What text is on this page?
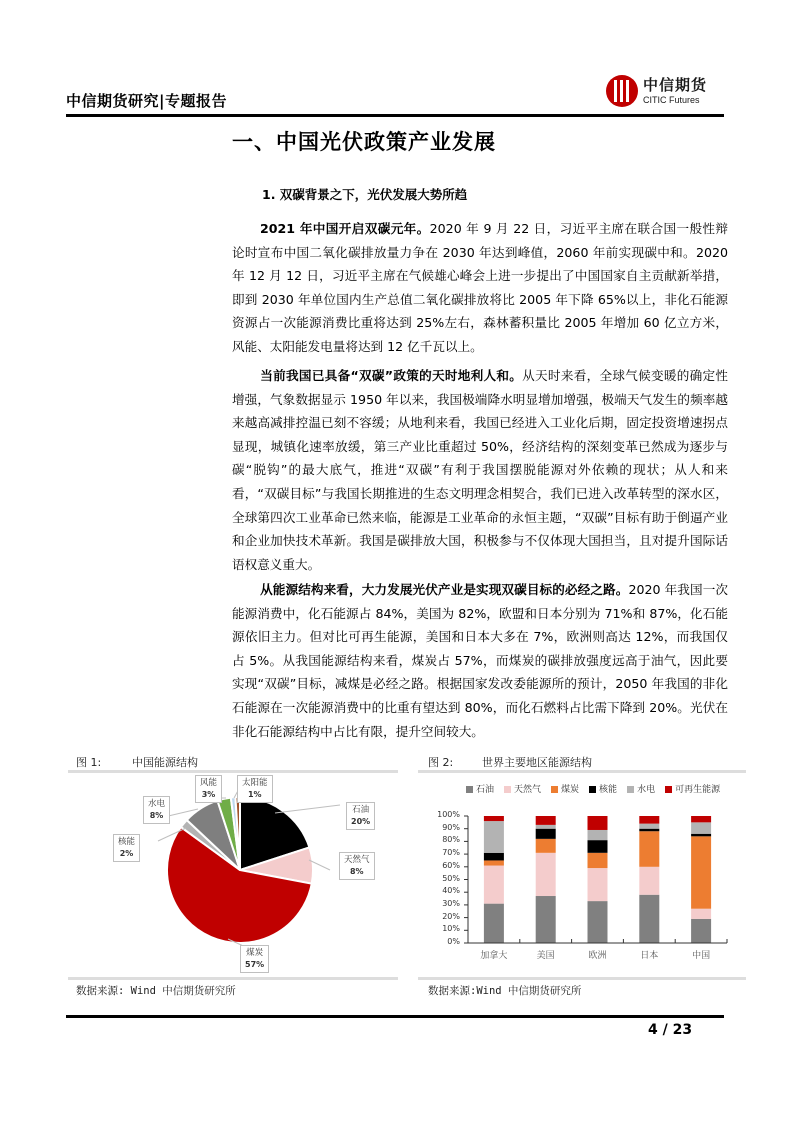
中信期货研究|专题报告
中信期货
CITIC Futures
一、中国光伏政策产业发展
1. 双碳背景之下，光伏发展大势所趋
2021 年中国开启双碳元年。2020 年 9 月 22 日，习近平主席在联合国一般性辩论时宣布中国二氧化碳排放量力争在 2030 年达到峰值，2060 年前实现碳中和。2020 年 12 月 12 日，习近平主席在气候雄心峰会上进一步提出了中国国家自主贡献新举措，即到 2030 年单位国内生产总值二氧化碳排放将比 2005 年下降 65%以上，非化石能源资源占一次能源消费比重将达到 25%左右，森林蓄积量比 2005 年增加 60 亿立方米，风能、太阳能发电量将达到 12 亿千瓦以上。
当前我国已具备“双碳”政策的天时地利人和。从天时来看，全球气候变暖的确定性增强，气象数据显示 1950 年以来，我国极端降水明显增加增强，极端天气发生的频率越来越高减排控温已刻不容缓；从地利来看，我国已经进入工业化后期，固定投资增速拐点显现，城镇化速率放缓，第三产业比重超过 50%，经济结构的深刻变革已然成为逐步与碳“脱钩”的最大底气，推进“双碳”有利于我国摆脱能源对外依赖的现状；从人和来看，“双碳目标”与我国长期推进的生态文明理念相契合，我们已进入改革转型的深水区，全球第四次工业革命已然来临，能源是工业革命的永恒主题，“双碳”目标有助于倒逼产业和企业加快技术革新。我国是碳排放大国，积极参与不仅体现大国担当，且对提升国际话语权意义重大。
从能源结构来看，大力发展光伏产业是实现双碳目标的必经之路。2020 年我国一次能源消费中，化石能源占 84%，美国为 82%，欧盟和日本分别为 71%和 87%，化石能源依旧主力。但对比可再生能源，美国和日本大多在 7%，欧洲则高达 12%，而我国仅占 5%。从我国能源结构来看，煤炭占 57%，而煤炭的碳排放强度远高于油气，因此要实现“双碳”目标，减煤是必经之路。根据国家发改委能源所的预计，2050 年我国的非化石能源在一次能源消费中的比重有望达到 80%，而化石燃料占比需下降到 20%。光伏在非化石能源结构中占比有限，提升空间较大。
图 1:	中国能源结构
石油
20%
天然气
8%
煤炭
57%
核能
2%
水电
8%
风能
3%
太阳能
1%
数据来源: Wind 中信期货研究所
图 2:	世界主要地区能源结构
石油	天然气	煤炭	核能	水电	可再生能源
0%
10%
20%
30%
40%
50%
60%
70%
80%
90%
100%
加拿大	美国	欧洲	日本	中国
数据来源:Wind 中信期货研究所
4 / 23
